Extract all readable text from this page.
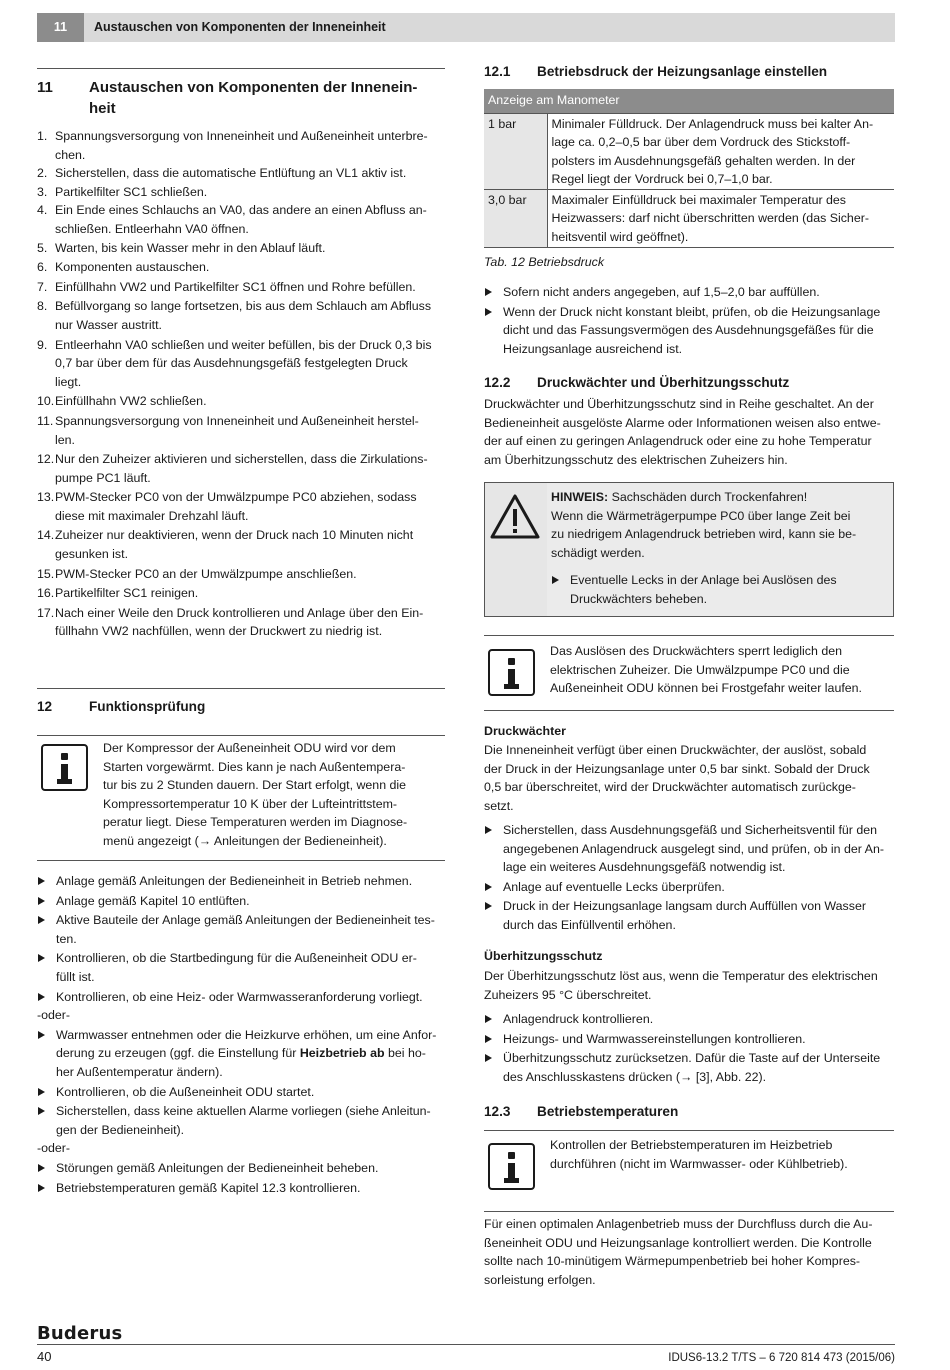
11	Austauschen von Komponenten der Inneneinheit
11 Austauschen von Komponenten der Innenein-
heit
1. Spannungsversorgung von Inneneinheit und Außeneinheit unterbre-
chen.
2. Sicherstellen, dass die automatische Entlüftung an VL1 aktiv ist.
3. Partikelfilter SC1 schließen.
4. Ein Ende eines Schlauchs an VA0, das andere an einen Abfluss an-
schließen. Entleerhahn VA0 öffnen.
5. Warten, bis kein Wasser mehr in den Ablauf läuft.
6. Komponenten austauschen.
7. Einfüllhahn VW2 und Partikelfilter SC1 öffnen und Rohre befüllen.
8. Befüllvorgang so lange fortsetzen, bis aus dem Schlauch am Abfluss
nur Wasser austritt.
9. Entleerhahn VA0 schließen und weiter befüllen, bis der Druck 0,3 bis
0,7 bar über dem für das Ausdehnungsgefäß festgelegten Druck
liegt.
10. Einfüllhahn VW2 schließen.
11. Spannungsversorgung von Inneneinheit und Außeneinheit herstel-
len.
12. Nur den Zuheizer aktivieren und sicherstellen, dass die Zirkulations-
pumpe PC1 läuft.
13. PWM-Stecker PC0 von der Umwälzpumpe PC0 abziehen, sodass
diese mit maximaler Drehzahl läuft.
14. Zuheizer nur deaktivieren, wenn der Druck nach 10 Minuten nicht
gesunken ist.
15. PWM-Stecker PC0 an der Umwälzpumpe anschließen.
16. Partikelfilter SC1 reinigen.
17. Nach einer Weile den Druck kontrollieren und Anlage über den Ein-
füllhahn VW2 nachfüllen, wenn der Druckwert zu niedrig ist.
12	Funktionsprüfung
Der Kompressor der Außeneinheit ODU wird vor dem
Starten vorgewärmt. Dies kann je nach Außentempera-
tur bis zu 2 Stunden dauern. Der Start erfolgt, wenn die
Kompressortemperatur 10 K über der Lufteintrittstem-
peratur liegt. Diese Temperaturen werden im Diagnose-
menü angezeigt (→ Anleitungen der Bedieneinheit).
Anlage gemäß Anleitungen der Bedieneinheit in Betrieb nehmen.
Anlage gemäß Kapitel 10 entlüften.
Aktive Bauteile der Anlage gemäß Anleitungen der Bedieneinheit tes-
ten.
Kontrollieren, ob die Startbedingung für die Außeneinheit ODU er-
füllt ist.
Kontrollieren, ob eine Heiz- oder Warmwasseranforderung vorliegt.
-oder-
Warmwasser entnehmen oder die Heizkurve erhöhen, um eine Anfor-
derung zu erzeugen (ggf. die Einstellung für Heizbetrieb ab bei ho-
her Außentemperatur ändern).
Kontrollieren, ob die Außeneinheit ODU startet.
Sicherstellen, dass keine aktuellen Alarme vorliegen (siehe Anleitun-
gen der Bedieneinheit).
-oder-
Störungen gemäß Anleitungen der Bedieneinheit beheben.
Betriebstemperaturen gemäß Kapitel 12.3 kontrollieren.
12.1 Betriebsdruck der Heizungsanlage einstellen
Anzeige am Manometer	
1 bar	Minimaler Fülldruck. Der Anlagendruck muss bei kalter An-
lage ca. 0,2–0,5 bar über dem Vordruck des Stickstoff-
polsters im Ausdehnungsgefäß gehalten werden. In der
Regel liegt der Vordruck bei 0,7–1,0 bar.

3,0 bar	Maximaler Einfülldruck bei maximaler Temperatur des
Heizwassers: darf nicht überschritten werden (das Sicher-
heitsventil wird geöffnet).
Tab. 12 Betriebsdruck
Sofern nicht anders angegeben, auf 1,5–2,0 bar auffüllen.
Wenn der Druck nicht konstant bleibt, prüfen, ob die Heizungsanlage
dicht und das Fassungsvermögen des Ausdehnungsgefäßes für die
Heizungsanlage ausreichend ist.
12.2 Druckwächter und Überhitzungsschutz
Druckwächter und Überhitzungsschutz sind in Reihe geschaltet. An der
Bedieneinheit ausgelöste Alarme oder Informationen weisen also entwe-
der auf einen zu geringen Anlagendruck oder eine zu hohe Temperatur
am Überhitzungsschutz des elektrischen Zuheizers hin.
HINWEIS: Sachschäden durch Trockenfahren!
Wenn die Wärmeträgerpumpe PC0 über lange Zeit bei
zu niedrigem Anlagendruck betrieben wird, kann sie be-
schädigt werden.
Eventuelle Lecks in der Anlage bei Auslösen des
Druckwächters beheben.
Das Auslösen des Druckwächters sperrt lediglich den
elektrischen Zuheizer. Die Umwälzpumpe PC0 und die
Außeneinheit ODU können bei Frostgefahr weiter laufen.
Druckwächter
Die Inneneinheit verfügt über einen Druckwächter, der auslöst, sobald
der Druck in der Heizungsanlage unter 0,5 bar sinkt. Sobald der Druck
0,5 bar überschreitet, wird der Druckwächter automatisch zurückge-
setzt.
Sicherstellen, dass Ausdehnungsgefäß und Sicherheitsventil für den
angegebenen Anlagendruck ausgelegt sind, und prüfen, ob in der An-
lage ein weiteres Ausdehnungsgefäß notwendig ist.
Anlage auf eventuelle Lecks überprüfen.
Druck in der Heizungsanlage langsam durch Auffüllen von Wasser
durch das Einfüllventil erhöhen.
Überhitzungsschutz
Der Überhitzungsschutz löst aus, wenn die Temperatur des elektrischen
Zuheizers 95 °C überschreitet.
Anlagendruck kontrollieren.
Heizungs- und Warmwassereinstellungen kontrollieren.
Überhitzungsschutz zurücksetzen. Dafür die Taste auf der Unterseite
des Anschlusskastens drücken (→ [3], Abb. 22).
12.3 Betriebstemperaturen
Kontrollen der Betriebstemperaturen im Heizbetrieb
durchführen (nicht im Warmwasser- oder Kühlbetrieb).
Für einen optimalen Anlagenbetrieb muss der Durchfluss durch die Au-
ßeneinheit ODU und Heizungsanlage kontrolliert werden. Die Kontrolle
sollte nach 10-minütigem Wärmepumpenbetrieb bei hoher Kompres-
sorleistung erfolgen.
Buderus
40	IDUS6-13.2 T/TS – 6 720 814 473 (2015/06)
